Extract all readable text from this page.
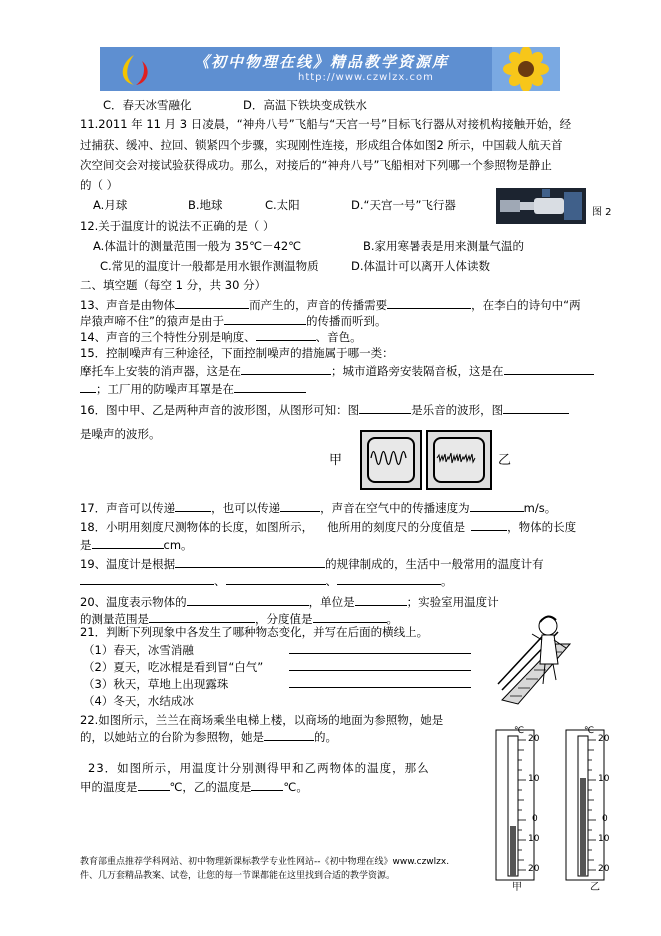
《初中物理在线》精品教学资源库
http://www.czwlzx.com
C．春天冰雪融化	D．高温下铁块变成铁水
11.2011 年 11 月 3 日凌晨，“神舟八号”飞船与“天宫一号”目标飞行器从对接机构接触开始，经
过捕获、缓冲、拉回、锁紧四个步骤，实现刚性连接，形成组合体如图2 所示，中国载人航天首
次空间交会对接试验获得成功。那么，对接后的“神舟八号”飞船相对下列哪一个参照物是静止
的（ ）
A.月球	B.地球	C.太阳	D.“天宫一号”飞行器
图 2
12.关于温度计的说法不正确的是（ ）
A.体温计的测量范围一般为 35℃－42℃	B.家用寒暑表是用来测量气温的
C.常见的温度计一般都是用水银作测温物质	D.体温计可以离开人体读数
二、填空题（每空 1 分，共 30 分）
13、声音是由物体	而产生的，声音的传播需要	，在李白的诗句中“两
岸猿声啼不住”的猿声是由于	的传播而听到。
14、声音的三个特性分别是响度、	、音色。
15．控制噪声有三种途径，下面控制噪声的措施属于哪一类：
摩托车上安装的消声器，这是在	；城市道路旁安装隔音板，这是在
；工厂用的防噪声耳罩是在
16．图中甲、乙是两种声音的波形图，从图形可知：图	是乐音的波形，图
是噪声的波形。
甲	乙
17．声音可以传递	，也可以传递	，声音在空气中的传播速度为	m/s。
18．小明用刻度尺测物体的长度，如图所示， 他所用的刻度尺的分度值是	，物体的长度
是	cm。
19、温度计是根据	的规律制成的，生活中一般常用的温度计有
、	、	。
20、温度表示物体的	，单位是	；实验室用温度计
的测量范围是	，分度值是	。
21．判断下列现象中各发生了哪种物态变化，并写在后面的横线上。
（1）春天，冰雪消融
（2）夏天，吃冰棍是看到冒“白气”
（3）秋天，草地上出现露珠
（4）冬天，水结成冰
22.如图所示，兰兰在商场乘坐电梯上楼，以商场的地面为参照物，她是
的，以她站立的台阶为参照物，她是	的。
23．如图所示，用温度计分别测得甲和乙两物体的温度，那么
甲的温度是	℃，乙的温度是	℃。
℃
20
10
0
10
20
甲
℃
20
10
0
10
20
乙
教育部重点推荐学科网站、初中物理新课标教学专业性网站--《初中物理在线》www.czwlzx.
件、几万套精品教案、试卷，让您的每一节课都能在这里找到合适的教学资源。
